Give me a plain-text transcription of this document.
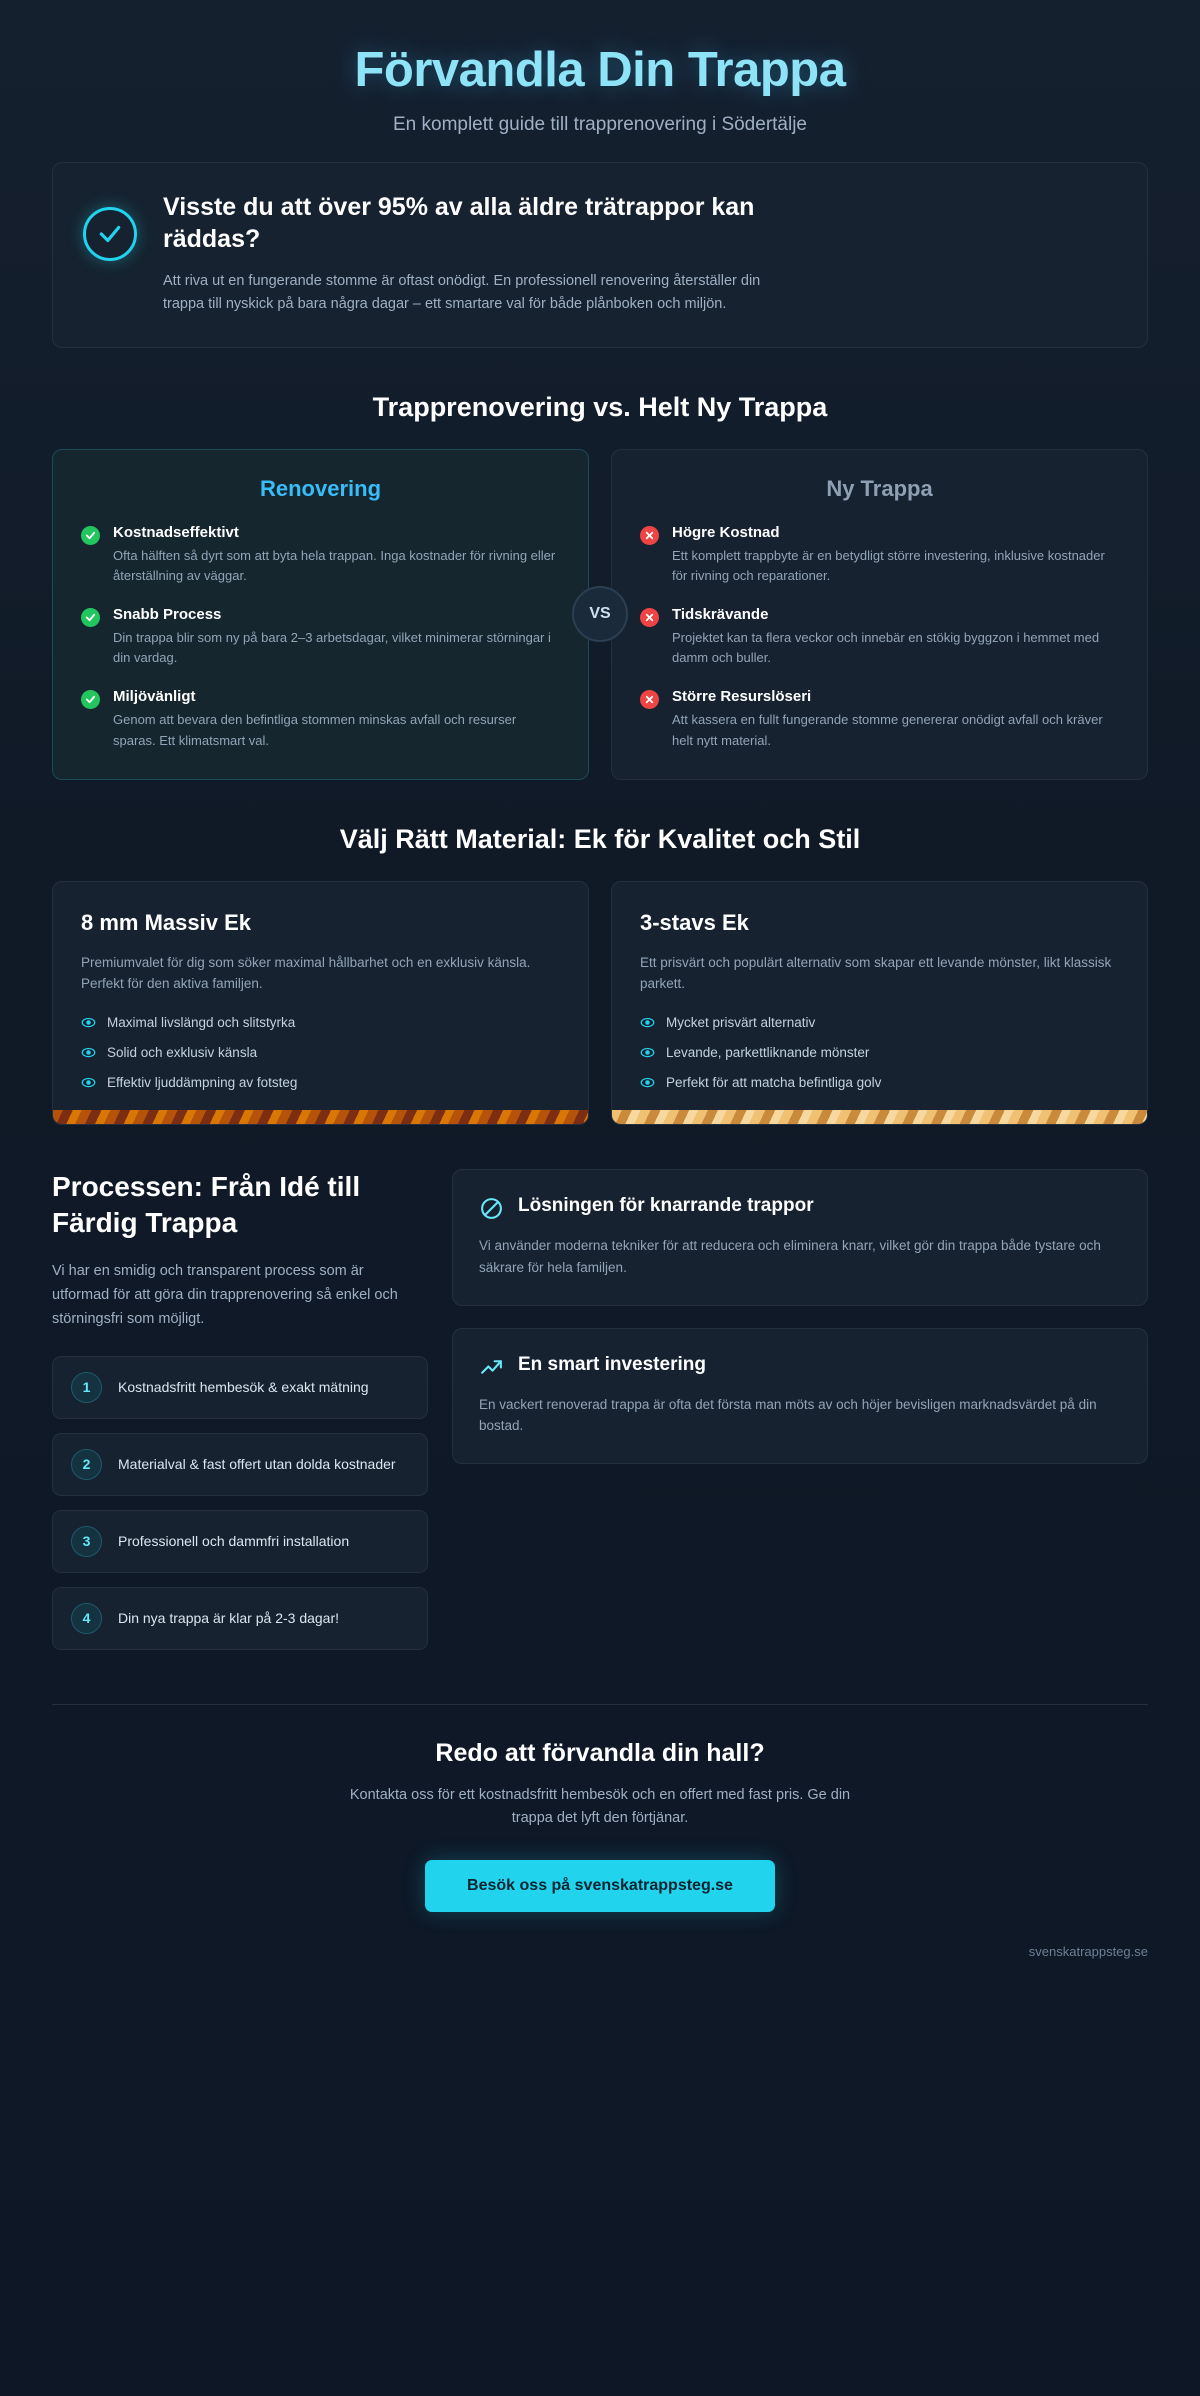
Förvandla Din Trappa
En komplett guide till trapprenovering i Södertälje
Visste du att över 95% av alla äldre trätrappor kan räddas?

Att riva ut en fungerande stomme är oftast onödigt. En professionell renovering återställer din trappa till nyskick på bara några dagar – ett smartare val för både plånboken och miljön.

Trapprenovering vs. Helt Ny Trappa
Renovering
Kostnadseffektivt
Ofta hälften så dyrt som att byta hela trappan. Inga kostnader för rivning eller återställning av väggar.
Snabb Process
Din trappa blir som ny på bara 2–3 arbetsdagar, vilket minimerar störningar i din vardag.
Miljövänligt
Genom att bevara den befintliga stommen minskas avfall och resurser sparas. Ett klimatsmart val.
VS
Ny Trappa
Högre Kostnad
Ett komplett trappbyte är en betydligt större investering, inklusive kostnader för rivning och reparationer.
Tidskrävande
Projektet kan ta flera veckor och innebär en stökig byggzon i hemmet med damm och buller.
Större Resurslöseri
Att kassera en fullt fungerande stomme genererar onödigt avfall och kräver helt nytt material.
Välj Rätt Material: Ek för Kvalitet och Stil
8 mm Massiv Ek

Premiumvalet för dig som söker maximal hållbarhet och en exklusiv känsla. Perfekt för den aktiva familjen.

Maximal livslängd och slitstyrka
Solid och exklusiv känsla
Effektiv ljuddämpning av fotsteg
3-stavs Ek

Ett prisvärt och populärt alternativ som skapar ett levande mönster, likt klassisk parkett.

Mycket prisvärt alternativ
Levande, parkettliknande mönster
Perfekt för att matcha befintliga golv
Processen: Från Idé till Färdig Trappa

Vi har en smidig och transparent process som är utformad för att göra din trapprenovering så enkel och störningsfri som möjligt.

1	Kostnadsfritt hembesök & exakt mätning
2	Materialval & fast offert utan dolda kostnader
3	Professionell och dammfri installation
4	Din nya trappa är klar på 2-3 dagar!
Lösningen för knarrande trappor

Vi använder moderna tekniker för att reducera och eliminera knarr, vilket gör din trappa både tystare och säkrare för hela familjen.

En smart investering

En vackert renoverad trappa är ofta det första man möts av och höjer bevisligen marknadsvärdet på din bostad.

Redo att förvandla din hall?

Kontakta oss för ett kostnadsfritt hembesök och en offert med fast pris. Ge din trappa det lyft den förtjänar.

Besök oss på svenskatrappsteg.se
svenskatrappsteg.se
